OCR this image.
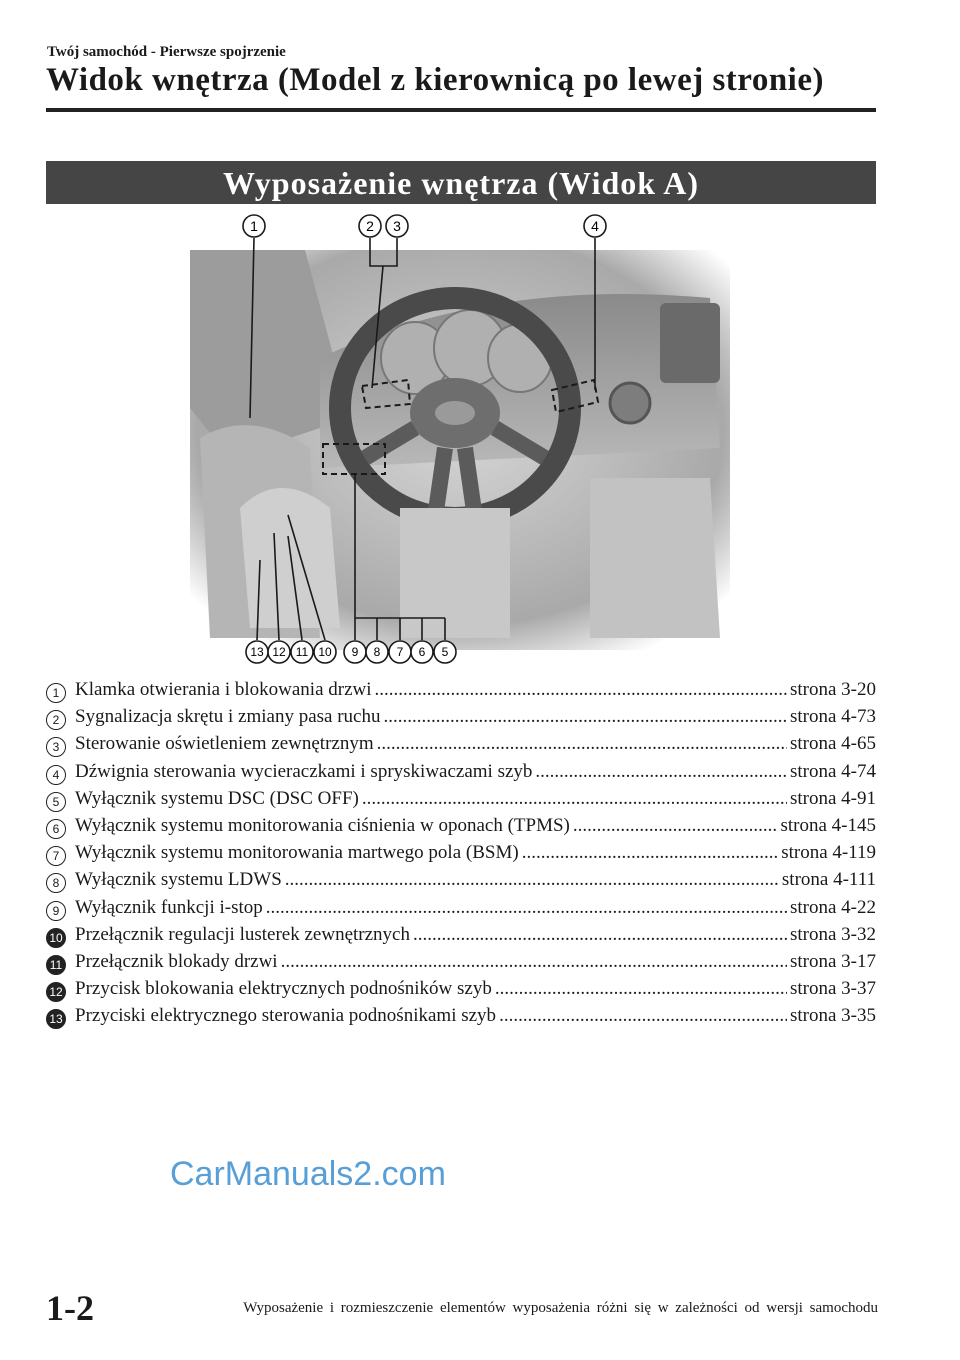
Twój samochód - Pierwsze spojrzenie
Widok wnętrza (Model z kierownicą po lewej stronie)
Wyposażenie wnętrza (Widok A)
1	2 3	4
13 12 11 10 9 8 7 6 5
1 Klamka otwierania i blokowania drzwi .....	strona 3-20
2 Sygnalizacja skrętu i zmiany pasa ruchu .....	strona 4-73
3 Sterowanie oświetleniem zewnętrznym .....	strona 4-65
4 Dźwignia sterowania wycieraczkami i spryskiwaczami szyb .....	strona 4-74
5 Wyłącznik systemu DSC (DSC OFF) .....	strona 4-91
6 Wyłącznik systemu monitorowania ciśnienia w oponach (TPMS) .....	strona 4-145
7 Wyłącznik systemu monitorowania martwego pola (BSM) .....	strona 4-119
8 Wyłącznik systemu LDWS .....	strona 4-111
9 Wyłącznik funkcji i-stop .....	strona 4-22
10 Przełącznik regulacji lusterek zewnętrznych .....	strona 3-32
11 Przełącznik blokady drzwi .....	strona 3-17
12 Przycisk blokowania elektrycznych podnośników szyb .....	strona 3-37
13 Przyciski elektrycznego sterowania podnośnikami szyb .....	strona 3-35
CarManuals2.com
1-2	Wyposażenie i rozmieszczenie elementów wyposażenia różni się w zależności od wersji samochodu
